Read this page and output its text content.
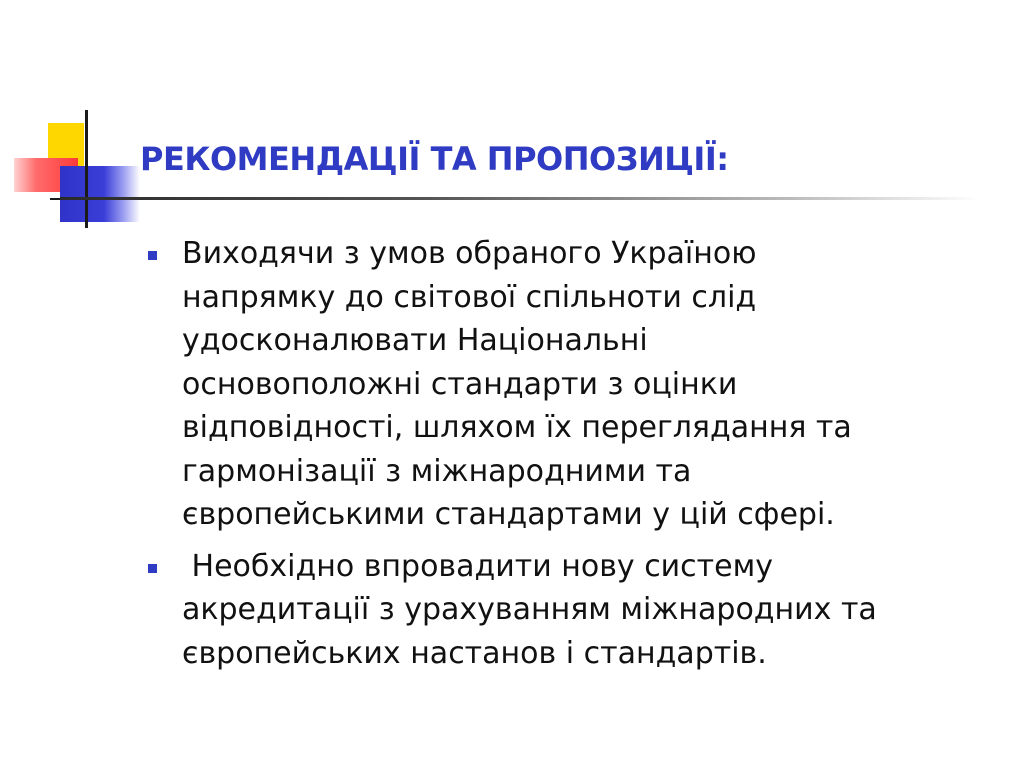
РЕКОМЕНДАЦІЇ ТА ПРОПОЗИЦІЇ:
Виходячи з умов обраного Україною
напрямку до світової спільноти слід
удосконалювати Національні
основоположні стандарти з оцінки
відповідності, шляхом їх переглядання та
гармонізації з міжнародними та
європейськими стандартами у цій сфері.
Необхідно впровадити нову систему
акредитації з урахуванням міжнародних та
європейських настанов і стандартів.
